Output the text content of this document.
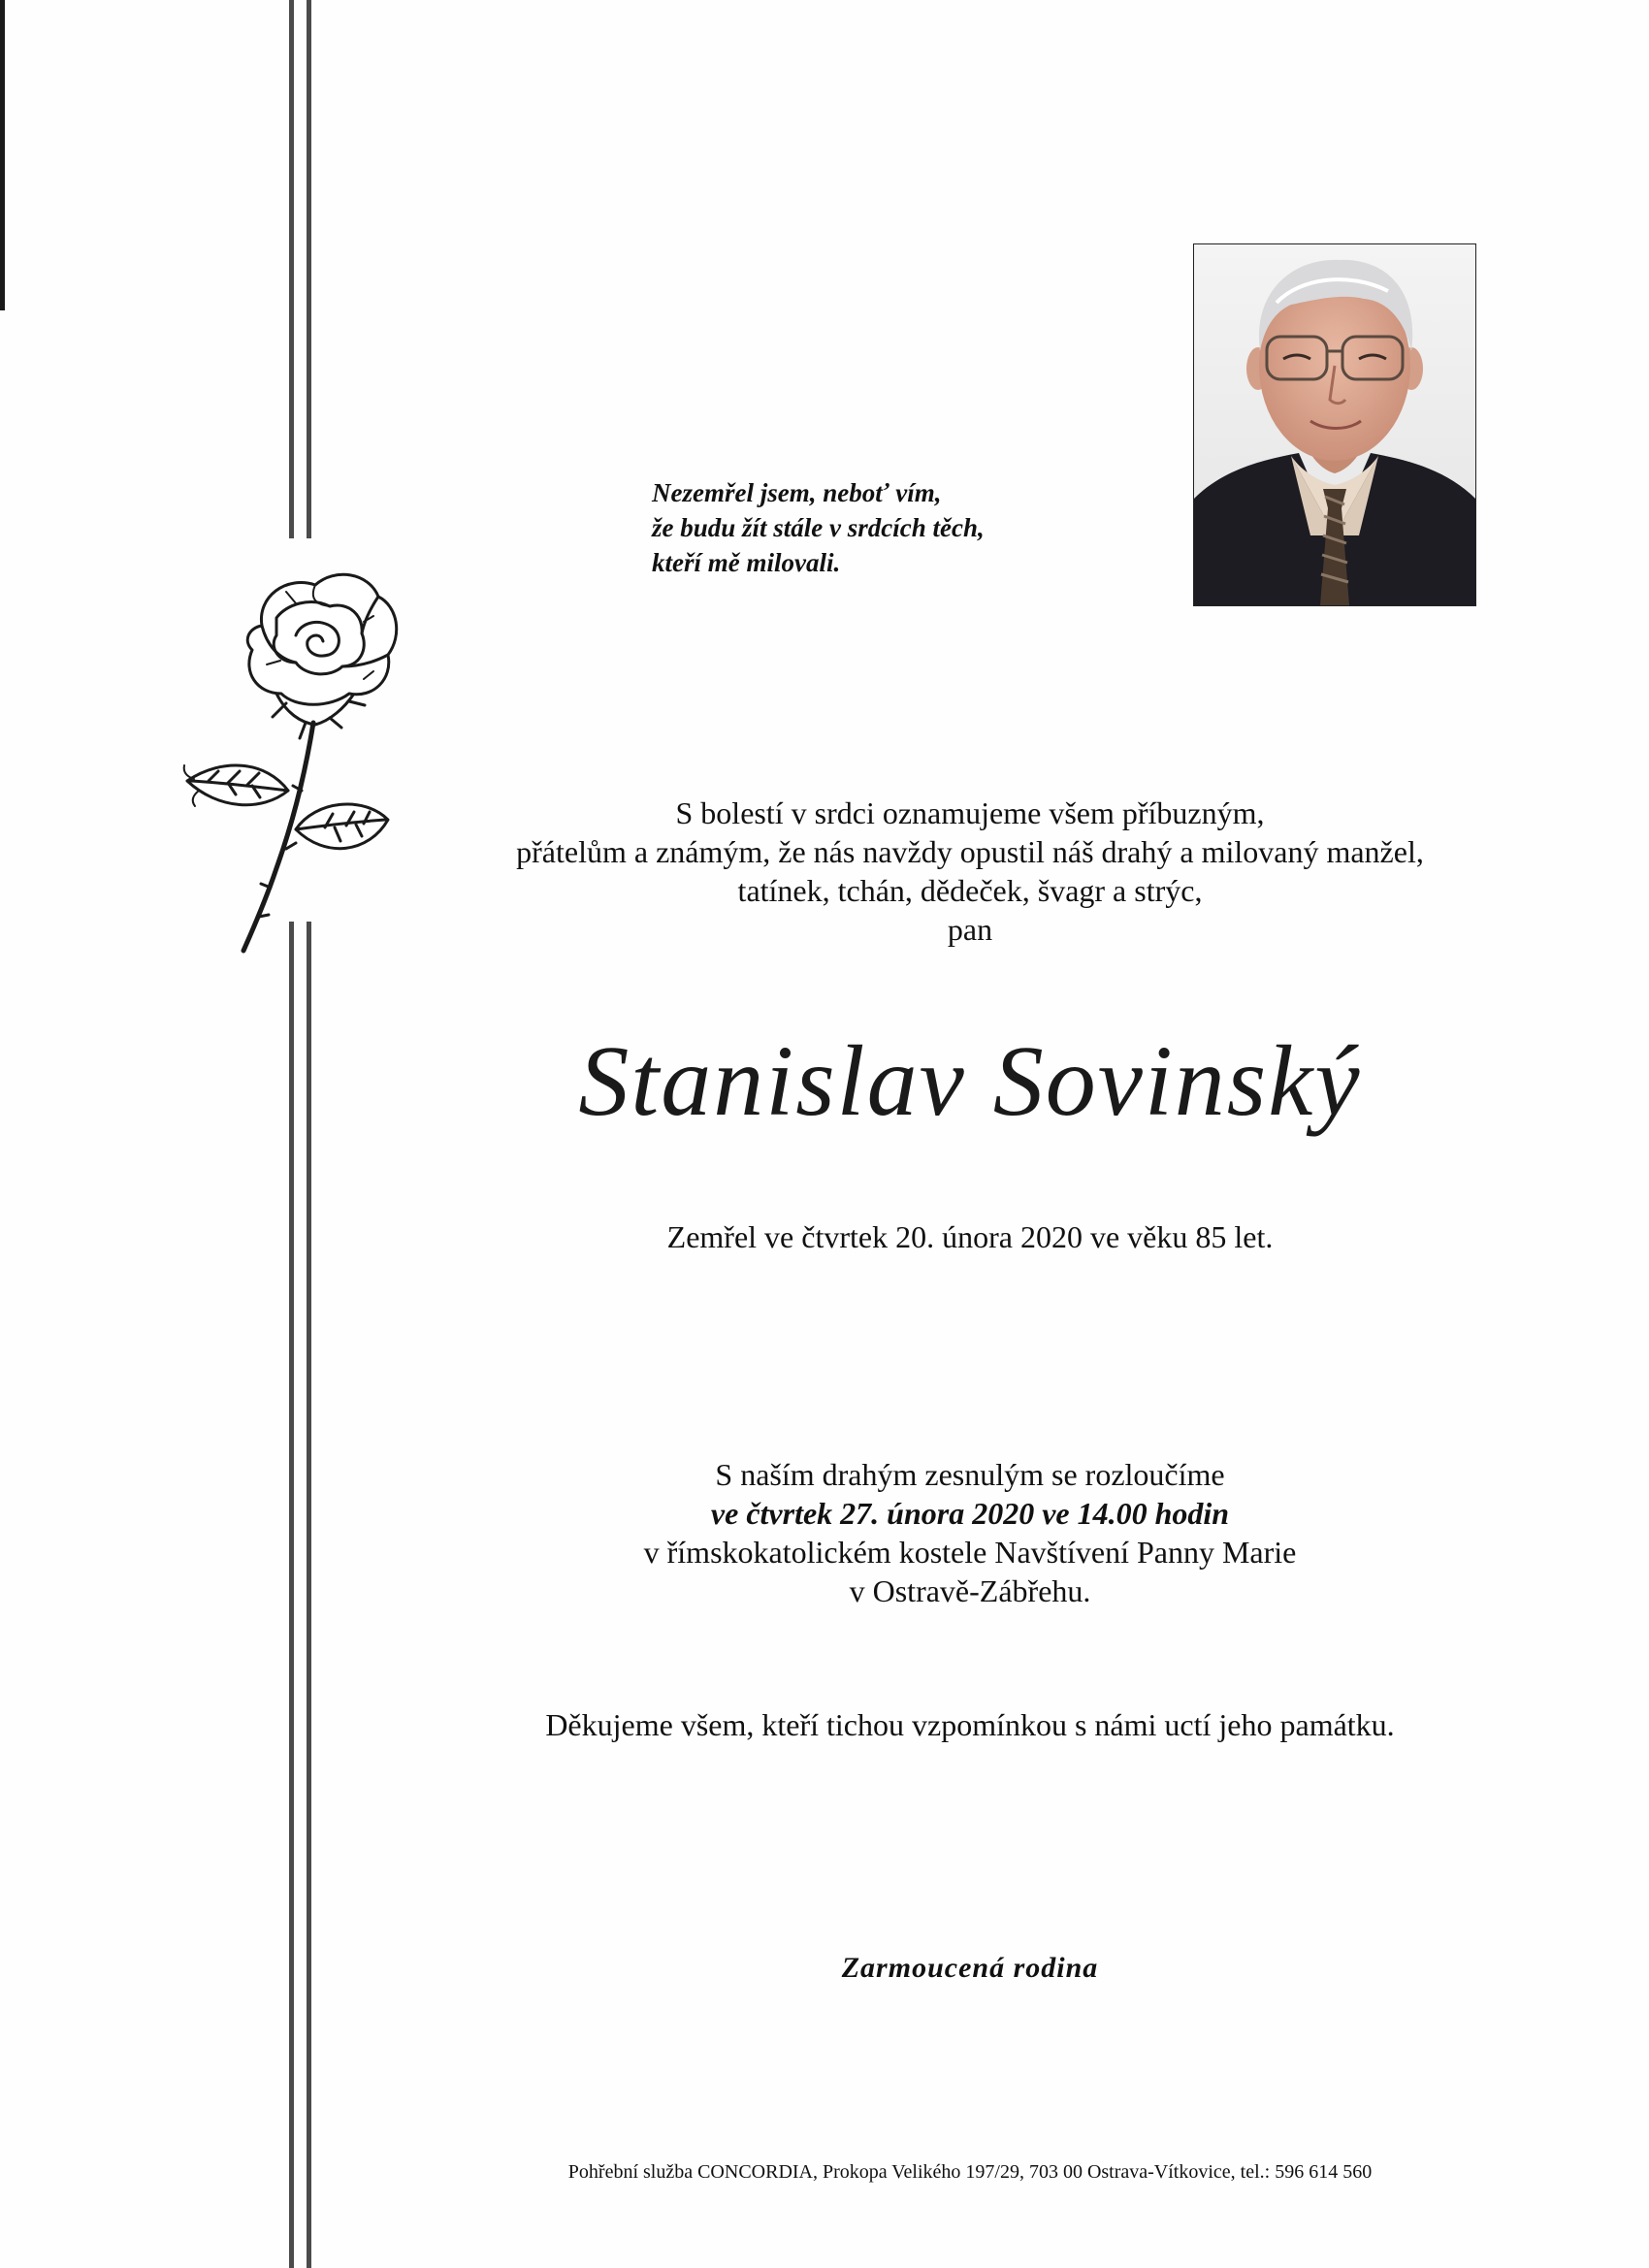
Nezemřel jsem, neboť vím,
že budu žít stále v srdcích těch,
kteří mě milovali.
S bolestí v srdci oznamujeme všem příbuzným,
přátelům a známým, že nás navždy opustil náš drahý a milovaný manžel,
tatínek, tchán, dědeček, švagr a strýc,
pan
Stanislav Sovinský
Zemřel ve čtvrtek 20. února 2020 ve věku 85 let.
S naším drahým zesnulým se rozloučíme
ve čtvrtek 27. února 2020 ve 14.00 hodin
v římskokatolickém kostele Navštívení Panny Marie
v Ostravě-Zábřehu.
Děkujeme všem, kteří tichou vzpomínkou s námi uctí jeho památku.
Zarmoucená rodina
Pohřební služba CONCORDIA, Prokopa Velikého 197/29, 703 00 Ostrava-Vítkovice, tel.: 596 614 560
